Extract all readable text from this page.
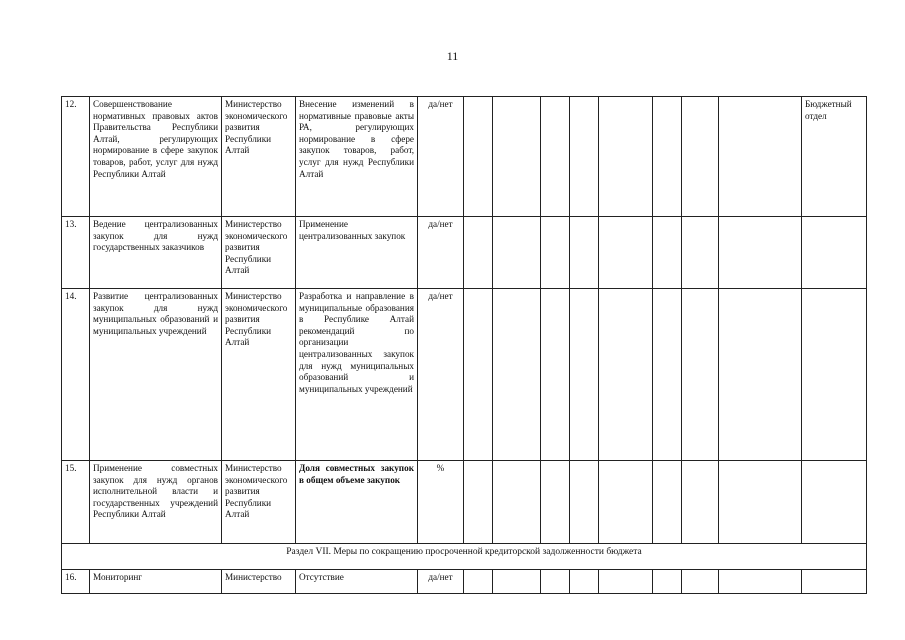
11
12.	Совершенствование нормативных правовых актов Правительства Республики Алтай, регулирующих нормирование в сфере закупок товаров, работ, услуг для нужд Республики Алтай	Министерство экономического развития Республики Алтай	Внесение изменений в нормативные правовые акты РА, регулирующих нормирование в сфере закупок товаров, работ, услуг для нужд Республики Алтай	да/нет									Бюджетный отдел
13.	Ведение централизованных закупок для нужд государственных заказчиков	Министерство экономического развития Республики Алтай	Применение централизованных закупок	да/нет									
14.	Развитие централизованных закупок для нужд муниципальных образований и муниципальных учреждений	Министерство экономического развития Республики Алтай	Разработка и направление в муниципальные образования в Республике Алтай рекомендаций по организации централизованных закупок для нужд муниципальных образований и муниципальных учреждений	да/нет									
15.	Применение совместных закупок для нужд органов исполнительной власти и государственных учреждений Республики Алтай	Министерство экономического развития Республики Алтай	Доля совместных закупок в общем объеме закупок	%									
Раздел VII. Меры по сокращению просроченной кредиторской задолженности бюджета													
16.	Мониторинг	Министерство	Отсутствие	да/нет									
